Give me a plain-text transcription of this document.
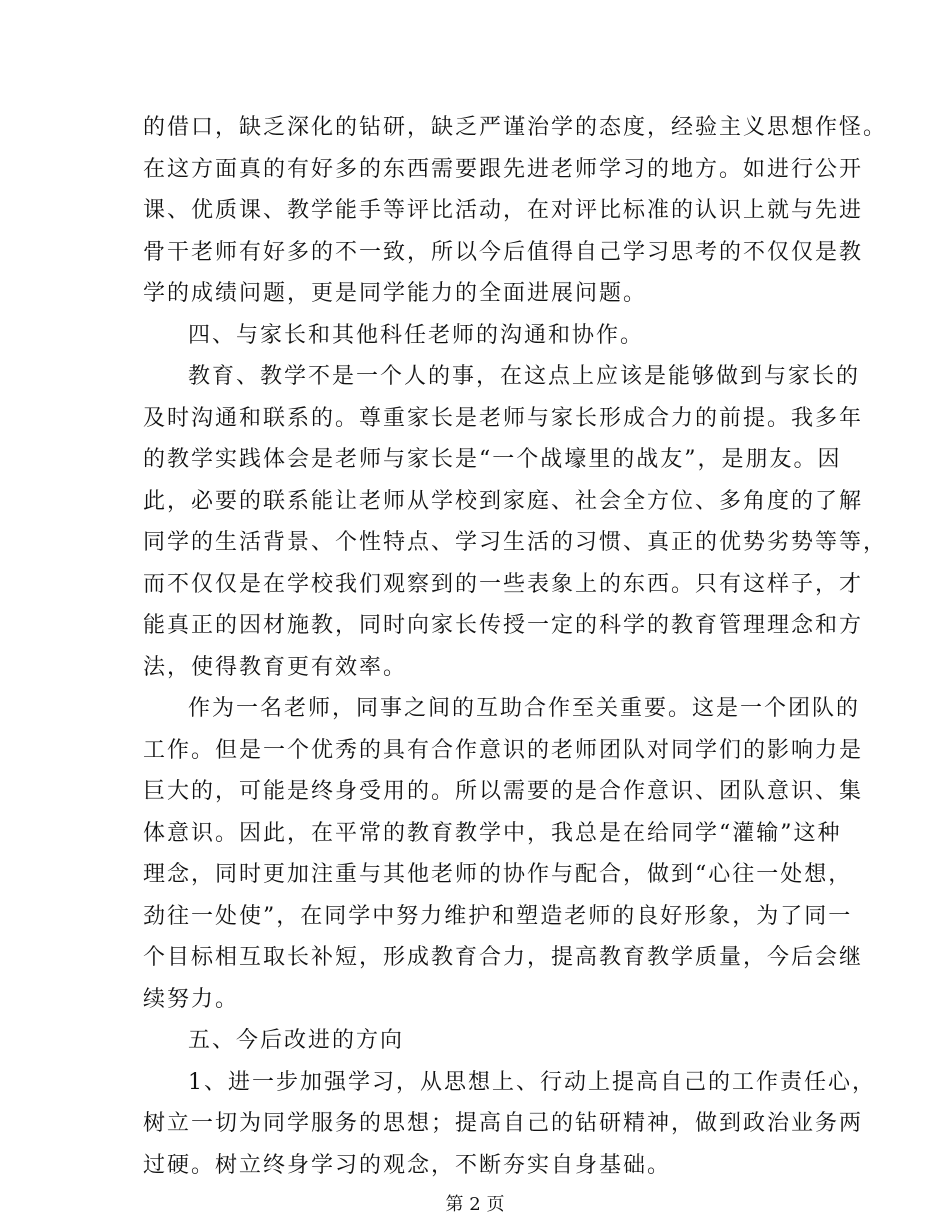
的借口，缺乏深化的钻研，缺乏严谨治学的态度，经验主义思想作怪。
在这方面真的有好多的东西需要跟先进老师学习的地方。如进行公开
课、优质课、教学能手等评比活动，在对评比标准的认识上就与先进
骨干老师有好多的不一致，所以今后值得自己学习思考的不仅仅是教
学的成绩问题，更是同学能力的全面进展问题。
四、与家长和其他科任老师的沟通和协作。
教育、教学不是一个人的事，在这点上应该是能够做到与家长的
及时沟通和联系的。尊重家长是老师与家长形成合力的前提。我多年
的教学实践体会是老师与家长是“一个战壕里的战友”，是朋友。因
此，必要的联系能让老师从学校到家庭、社会全方位、多角度的了解
同学的生活背景、个性特点、学习生活的习惯、真正的优势劣势等等，
而不仅仅是在学校我们观察到的一些表象上的东西。只有这样子，才
能真正的因材施教，同时向家长传授一定的科学的教育管理理念和方
法，使得教育更有效率。
作为一名老师，同事之间的互助合作至关重要。这是一个团队的
工作。但是一个优秀的具有合作意识的老师团队对同学们的影响力是
巨大的，可能是终身受用的。所以需要的是合作意识、团队意识、集
体意识。因此，在平常的教育教学中，我总是在给同学“灌输”这种
理念，同时更加注重与其他老师的协作与配合，做到“心往一处想，
劲往一处使”，在同学中努力维护和塑造老师的良好形象，为了同一
个目标相互取长补短，形成教育合力，提高教育教学质量，今后会继
续努力。
五、今后改进的方向
1、进一步加强学习，从思想上、行动上提高自己的工作责任心，
树立一切为同学服务的思想；提高自己的钻研精神，做到政治业务两
过硬。树立终身学习的观念，不断夯实自身基础。
第 2 页
